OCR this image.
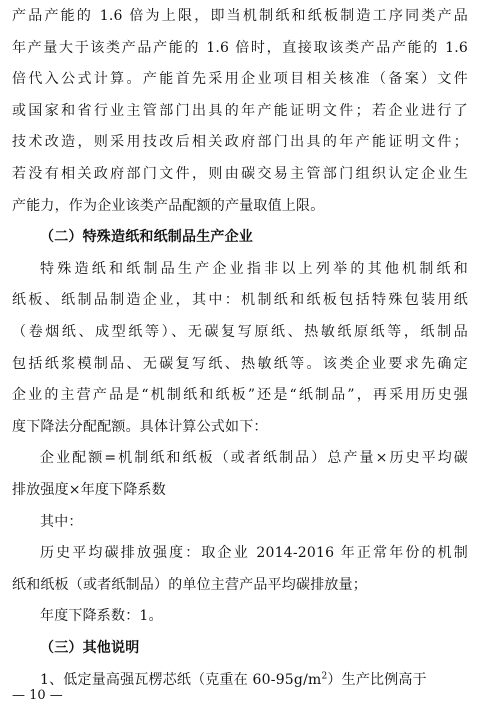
产品产能的 1.6 倍为上限，即当机制纸和纸板制造工序同类产品
年产量大于该类产品产能的 1.6 倍时，直接取该类产品产能的 1.6
倍代入公式计算。产能首先采用企业项目相关核准（备案）文件
或国家和省行业主管部门出具的年产能证明文件；若企业进行了
技术改造，则采用技改后相关政府部门出具的年产能证明文件；
若没有相关政府部门文件，则由碳交易主管部门组织认定企业生
产能力，作为企业该类产品配额的产量取值上限。
（二）特殊造纸和纸制品生产企业
特殊造纸和纸制品生产企业指非以上列举的其他机制纸和
纸板、纸制品制造企业，其中：机制纸和纸板包括特殊包装用纸
（卷烟纸、成型纸等）、无碳复写原纸、热敏纸原纸等，纸制品
包括纸浆模制品、无碳复写纸、热敏纸等。该类企业要求先确定
企业的主营产品是“机制纸和纸板”还是“纸制品”，再采用历史强
度下降法分配配额。具体计算公式如下：
企业配额=机制纸和纸板（或者纸制品）总产量×历史平均碳
排放强度×年度下降系数
其中：
历史平均碳排放强度：取企业 2014-2016 年正常年份的机制
纸和纸板（或者纸制品）的单位主营产品平均碳排放量；
年度下降系数：1。
（三）其他说明
1、低定量高强瓦楞芯纸（克重在 $60-95g/m^2$）生产比例高于
— 10 —
